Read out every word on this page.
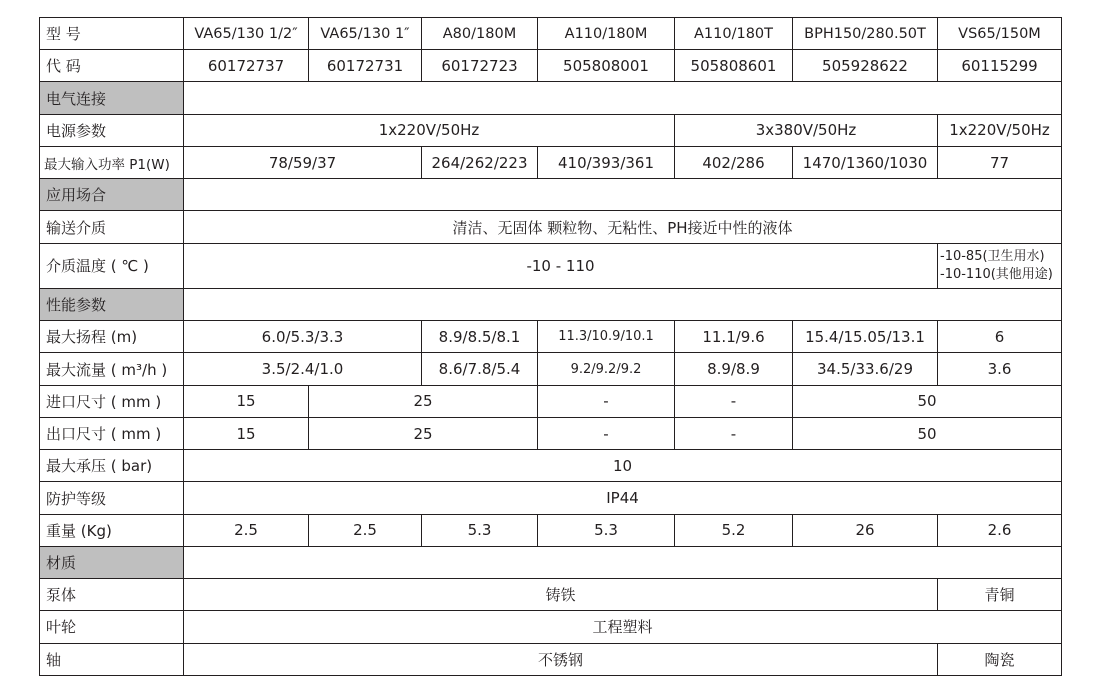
型 号	VA65/130 1/2″	VA65/130 1″	A80/180M	A110/180M	A110/180T	BPH150/280.50T	VS65/150M	
代 码	60172737	60172731	60172723	505808001	505808601	505928622	60115299	
电气连接								
电源参数	1x220V/50Hz				3x380V/50Hz		1x220V/50Hz	
最大输入功率 P1(W)	78/59/37		264/262/223	410/393/361	402/286	1470/1360/1030	77	
应用场合								
输送介质	清洁、无固体 颗粒物、无粘性、PH接近中性的液体							
介质温度 ( ℃ )	-10 - 110						-10-85(卫生用水)
-10-110(其他用途)	

性能参数								
最大扬程 (m)	6.0/5.3/3.3		8.9/8.5/8.1	11.3/10.9/10.1	11.1/9.6	15.4/15.05/13.1	6	
最大流量 ( m³/h )	3.5/2.4/1.0		8.6/7.8/5.4	9.2/9.2/9.2	8.9/8.9	34.5/33.6/29	3.6	
进口尺寸 ( mm )	15	25		-	-	50	
出口尺寸 ( mm )	15	25		-	-	50	
最大承压 ( bar)	10							
防护等级	IP44							
重量 (Kg)	2.5	2.5	5.3	5.3	5.2	26	2.6	
材质								
泵体	铸铁						青铜	
叶轮	工程塑料							
轴	不锈钢						陶瓷	
